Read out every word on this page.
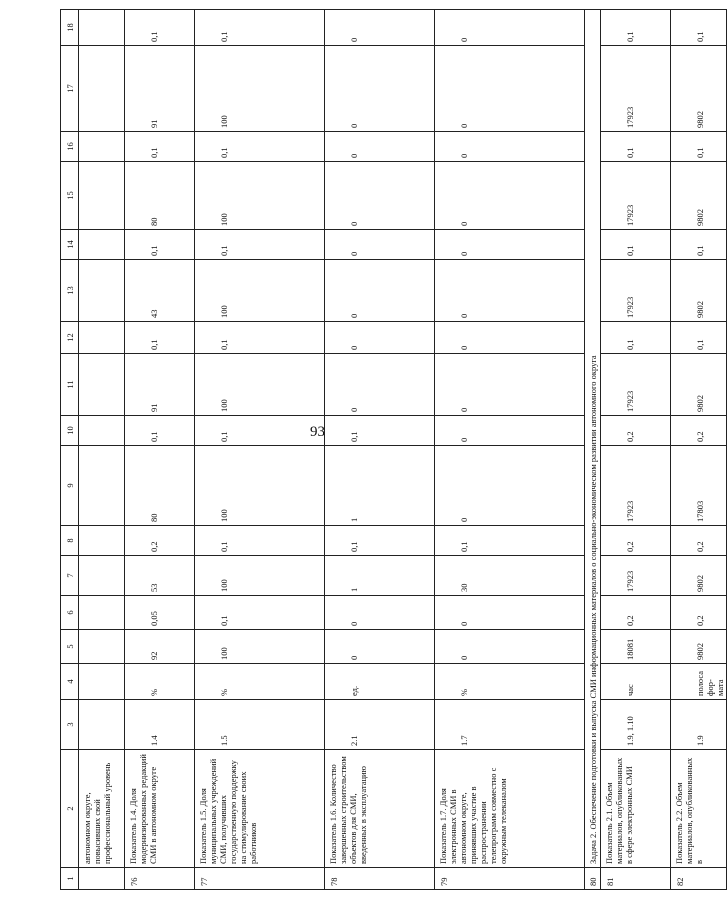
93
1	2	3	4	5	6	7	8	9	10	11	12	13	14	15	16	17	18
	автономном округе, повысивших свой профессиональный уровень																
76	Показатель 1.4. Доля модернизированных редакций СМИ в автономном округе	1.4	%	92	0,05	53	0,2	80	0,1	91	0,1	43	0,1	80	0,1	91	0,1
77	Показатель 1.5. Доля муниципальных учреждений СМИ, получивших государственную поддержку на стимулирование своих работников	1.5	%	100	0,1	100	0,1	100	0,1	100	0,1	100	0,1	100	0,1	100	0,1
78	Показатель 1.6. Количество завершенных строительством объектов для СМИ, введенных в эксплуатацию	2.1	ед.	0	0	1	0,1	1	0,1	0	0	0	0	0	0	0	0
79	Показатель 1.7. Доля электронных СМИ в автономном округе, принявших участие в распространении телепрограмм совместно с окружным телеканалом	1.7	%	0	0	30	0,1	0	0	0	0	0	0	0	0	0	0
80	Задача 2. Обеспечение подготовки и выпуска СМИ информационных материалов о социально-экономическом развитии автономного округа																
81	Показатель 2.1. Объем материалов, опубликованных в сфере электронных СМИ	1.9, 1.10	час	18081	0,2	17923	0,2	17923	0,2	17923	0,1	17923	0,1	17923	0,1	17923	0,1
82	Показатель 2.2. Объем материалов, опубликованных в	1.9	полоса фор-мата	9802	0,2	9802	0,2	17803	0,2	9802	0,1	9802	0,1	9802	0,1	9802	0,1
